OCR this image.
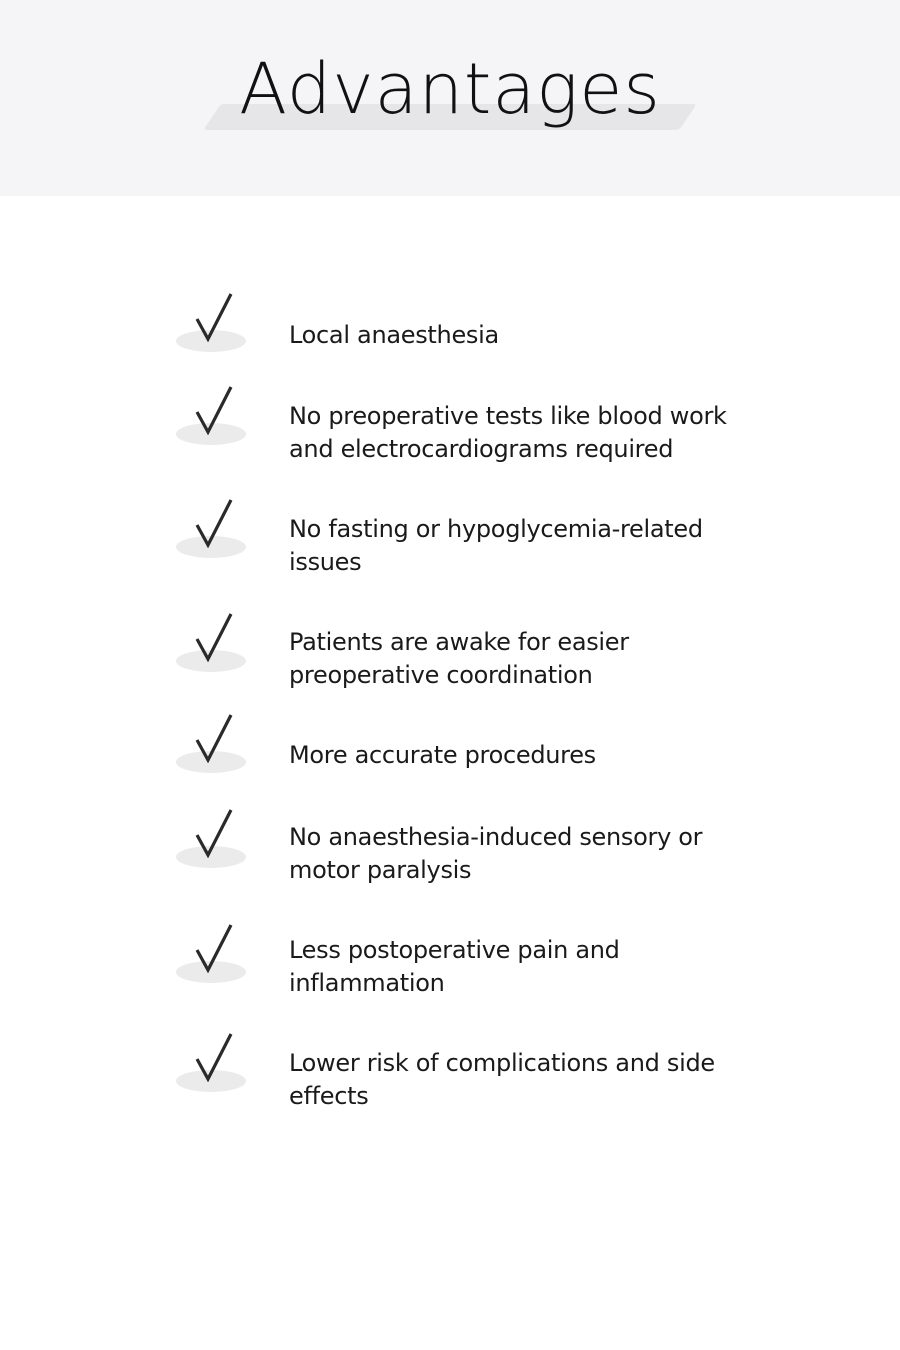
Advantages

Local anaesthesia

No preoperative tests like blood work and electrocardiograms required

No fasting or hypoglycemia-related issues

Patients are awake for easier preoperative coordination

More accurate procedures

No anaesthesia-induced sensory or motor paralysis

Less postoperative pain and inflammation

Lower risk of complications and side effects
